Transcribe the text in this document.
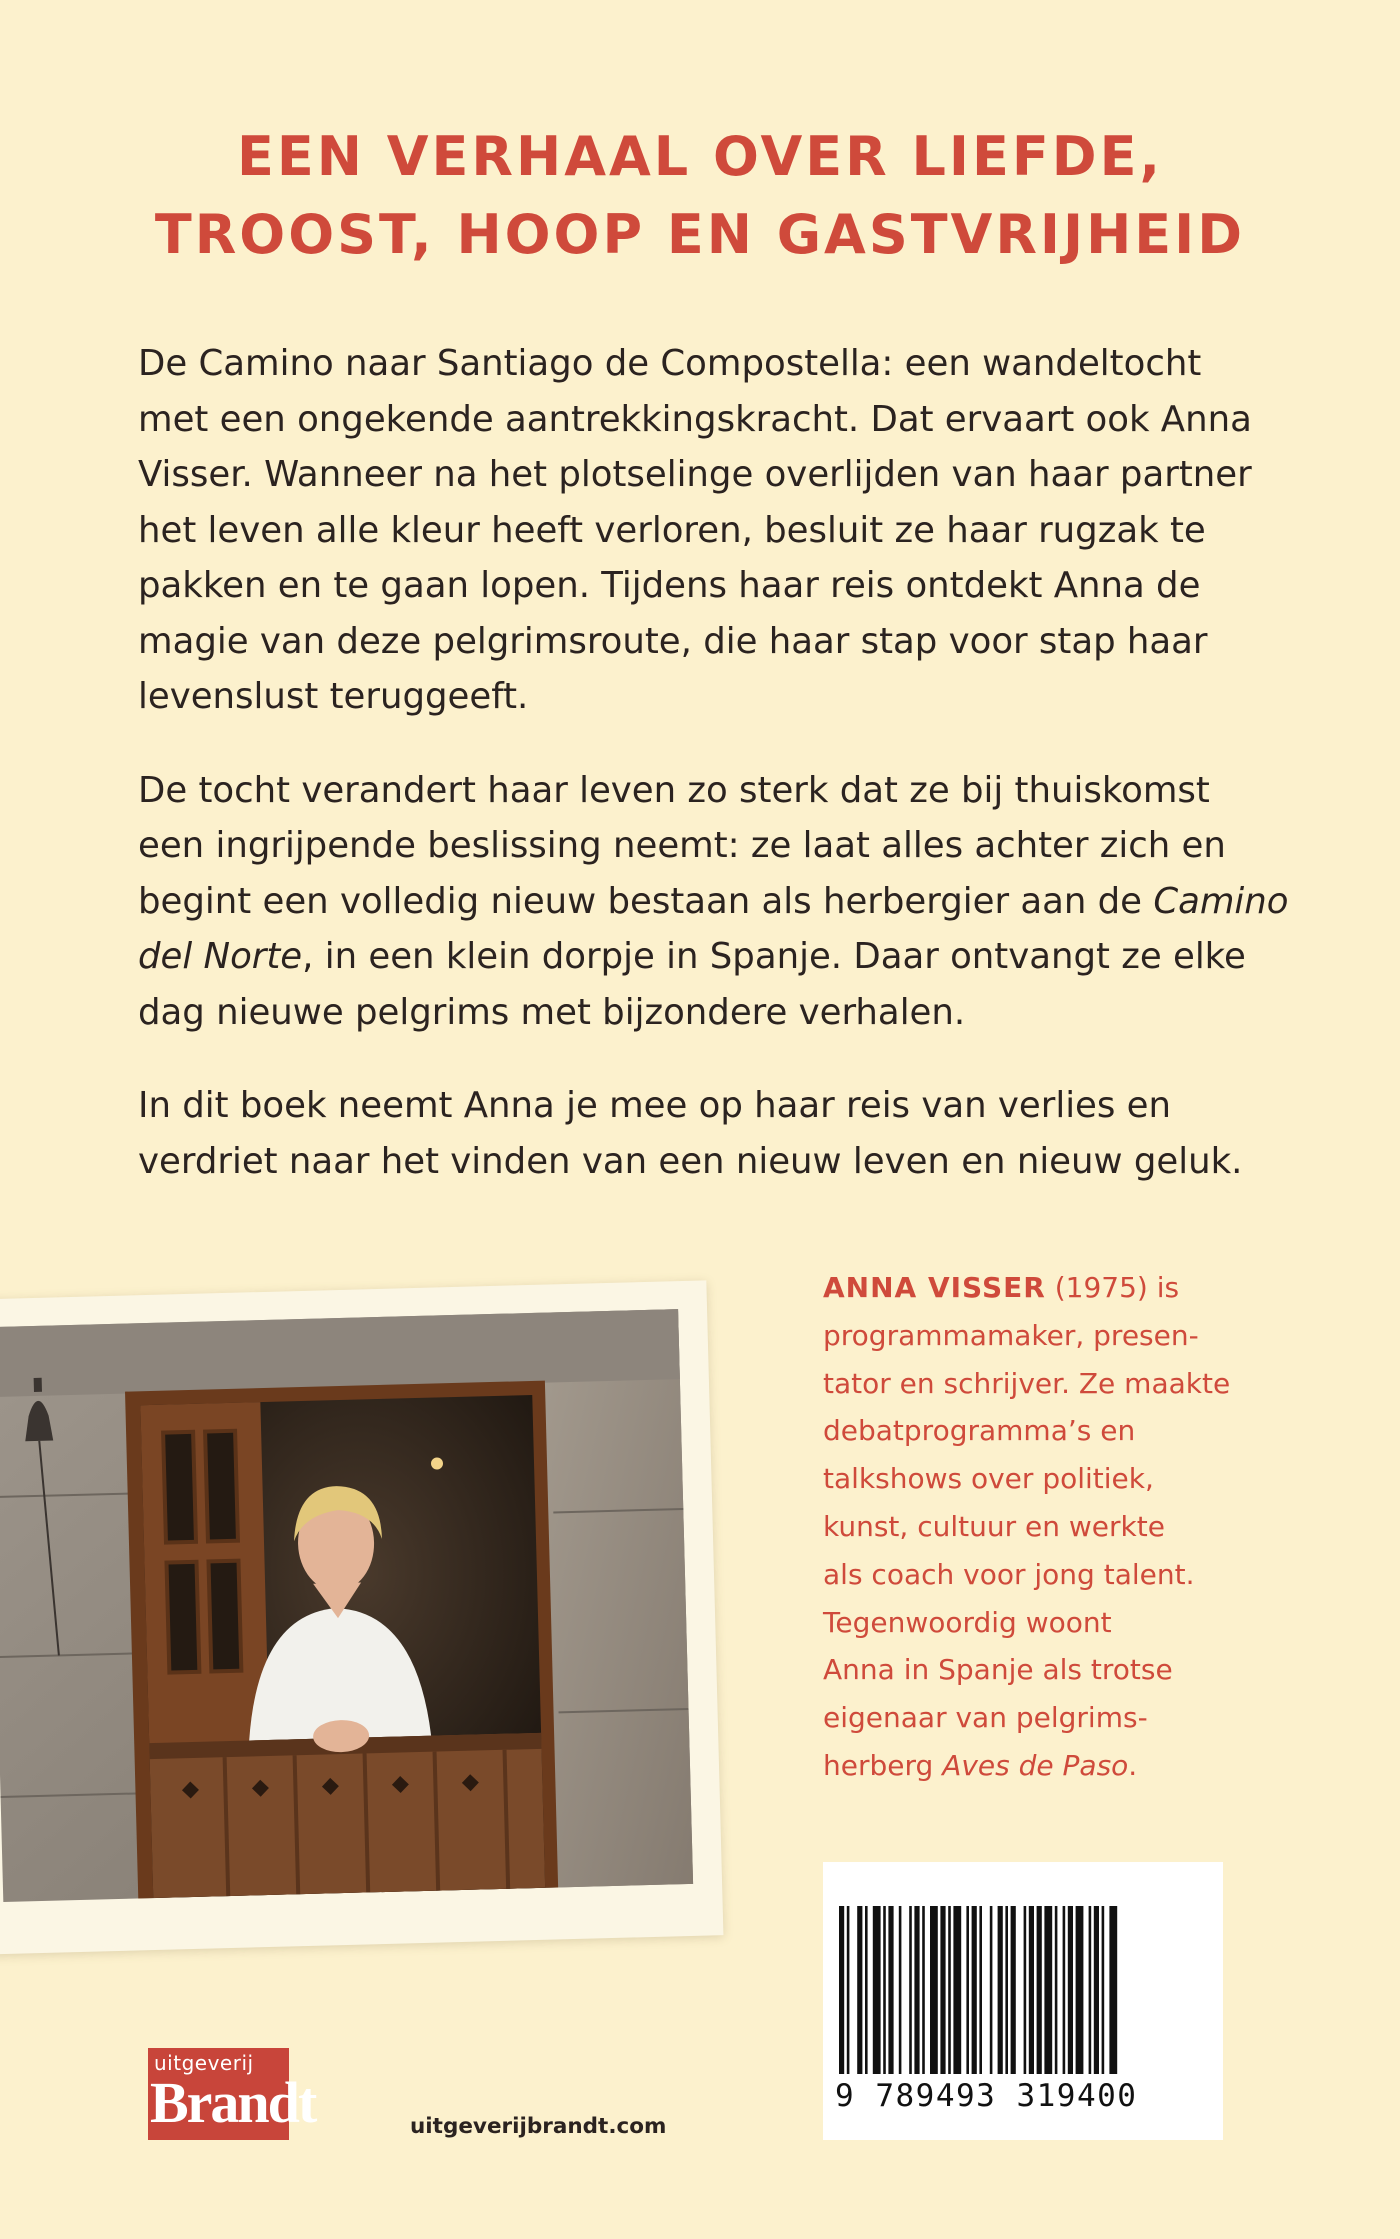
EEN VERHAAL OVER LIEFDE,
TROOST, HOOP EN GASTVRIJHEID

De Camino naar Santiago de Compostella: een wandeltocht
met een ongekende aantrekkingskracht. Dat ervaart ook Anna
Visser. Wanneer na het plotselinge overlijden van haar partner
het leven alle kleur heeft verloren, besluit ze haar rugzak te
pakken en te gaan lopen. Tijdens haar reis ontdekt Anna de
magie van deze pelgrimsroute, die haar stap voor stap haar
levenslust teruggeeft.

De tocht verandert haar leven zo sterk dat ze bij thuiskomst
een ingrijpende beslissing neemt: ze laat alles achter zich en
begint een volledig nieuw bestaan als herbergier aan de Camino
del Norte, in een klein dorpje in Spanje. Daar ontvangt ze elke
dag nieuwe pelgrims met bijzondere verhalen.

In dit boek neemt Anna je mee op haar reis van verlies en
verdriet naar het vinden van een nieuw leven en nieuw geluk.

ANNA VISSER (1975) is
programmamaker, presen-
tator en schrijver. Ze maakte
debatprogramma’s en
talkshows over politiek,
kunst, cultuur en werkte
als coach voor jong talent.
Tegenwoordig woont
Anna in Spanje als trotse
eigenaar van pelgrims-
herberg Aves de Paso.
9 789493 319400
uitgeverij
Brandt	uitgeverijbrandt.com
